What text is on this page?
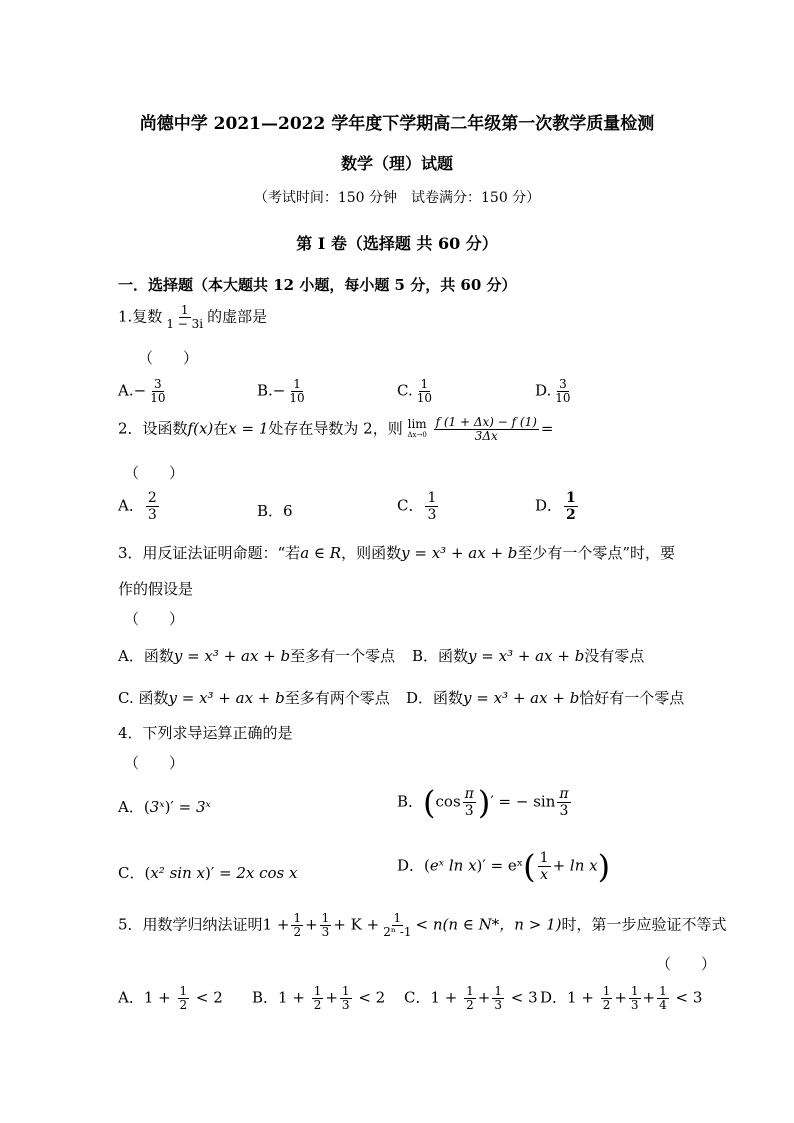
尚德中学 2021—2022 学年度下学期高二年级第一次教学质量检测
数学（理）试题
（考试时间：150 分钟　试卷满分：150 分）
第 I 卷（选择题 共 60 分）
一．选择题（本大题共 12 小题，每小题 5 分，共 60 分）
1.复数 $\frac{1}{1 - 3i}$ 的虚部是
（　　）
$A.- \frac{3}{10}$	$B.- \frac{1}{10}$	C. $\frac{1}{10}$	D. $\frac{3}{10}$
2．设函数f(x)在x = 1处存在导数为 2，则 lim
Δx→0
$\frac{f (1 + \Delta x) - f (1)}{3\Delta x}$ =
（　　）
A． $\frac{2}{3}$	B．6	C． $\frac{1}{3}$	D． $\frac{1}{2}$
3．用反证法证明命题：“若a ∈ R，则函数y = x³ + ax + b至少有一个零点”时，要
作的假设是
（　　）
A．函数y = x³ + ax + b至多有一个零点 B．函数y = x³ + ax + b没有零点
C. 函数y = x³ + ax + b至多有两个零点 D．函数y = x³ + ax + b恰好有一个零点
4．下列求导运算正确的是
（　　）
A．(3ˣ)′ = 3ˣ	B．($\cos \frac{\pi}{3}$ )′ = − $\sin \frac{\pi}{3}$
C．(x² sin x)′ = 2x cos x	D．(eˣ ln x)′ = eˣ( $\frac{1}{x} + \ln x$)
5．用数学归纳法证明$1 + \frac{1}{2} + \frac{1}{3} + K + \frac{1}{\text{2ⁿ -1}} < n(n$ ∈ N*，n > 1)时，第一步应验证不等式
（　　）
A．$1 + \frac{1}{2} < 2$ B．$1 + \frac{1}{2} + \frac{1}{3} < 2$ C．$1 + \frac{1}{2} + \frac{1}{3} < 3$ D．$1 + \frac{1}{2} + \frac{1}{3} + \frac{1}{4} < 3$
